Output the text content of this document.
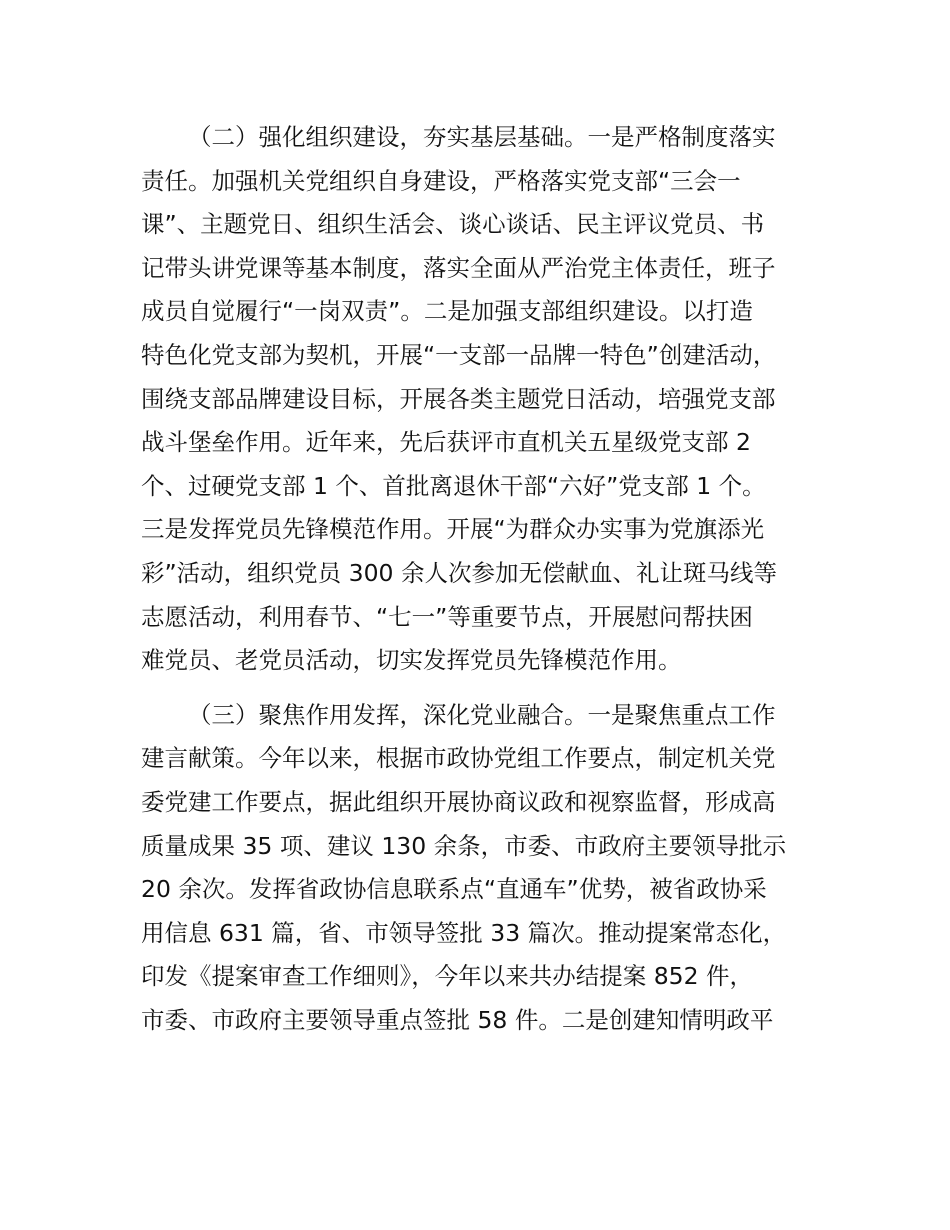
（二）强化组织建设，夯实基层基础。一是严格制度落实
责任。加强机关党组织自身建设，严格落实党支部“三会一
课”、主题党日、组织生活会、谈心谈话、民主评议党员、书
记带头讲党课等基本制度，落实全面从严治党主体责任，班子
成员自觉履行“一岗双责”。二是加强支部组织建设。以打造
特色化党支部为契机，开展“一支部一品牌一特色”创建活动，
围绕支部品牌建设目标，开展各类主题党日活动，培强党支部
战斗堡垒作用。近年来，先后获评市直机关五星级党支部 2
个、过硬党支部 1 个、首批离退休干部“六好”党支部 1 个。
三是发挥党员先锋模范作用。开展“为群众办实事为党旗添光
彩”活动，组织党员 300 余人次参加无偿献血、礼让斑马线等
志愿活动，利用春节、“七一”等重要节点，开展慰问帮扶困
难党员、老党员活动，切实发挥党员先锋模范作用。
（三）聚焦作用发挥，深化党业融合。一是聚焦重点工作
建言献策。今年以来，根据市政协党组工作要点，制定机关党
委党建工作要点，据此组织开展协商议政和视察监督，形成高
质量成果 35 项、建议 130 余条，市委、市政府主要领导批示
20 余次。发挥省政协信息联系点“直通车”优势，被省政协采
用信息 631 篇，省、市领导签批 33 篇次。推动提案常态化，
印发《提案审查工作细则》，今年以来共办结提案 852 件，
市委、市政府主要领导重点签批 58 件。二是创建知情明政平
